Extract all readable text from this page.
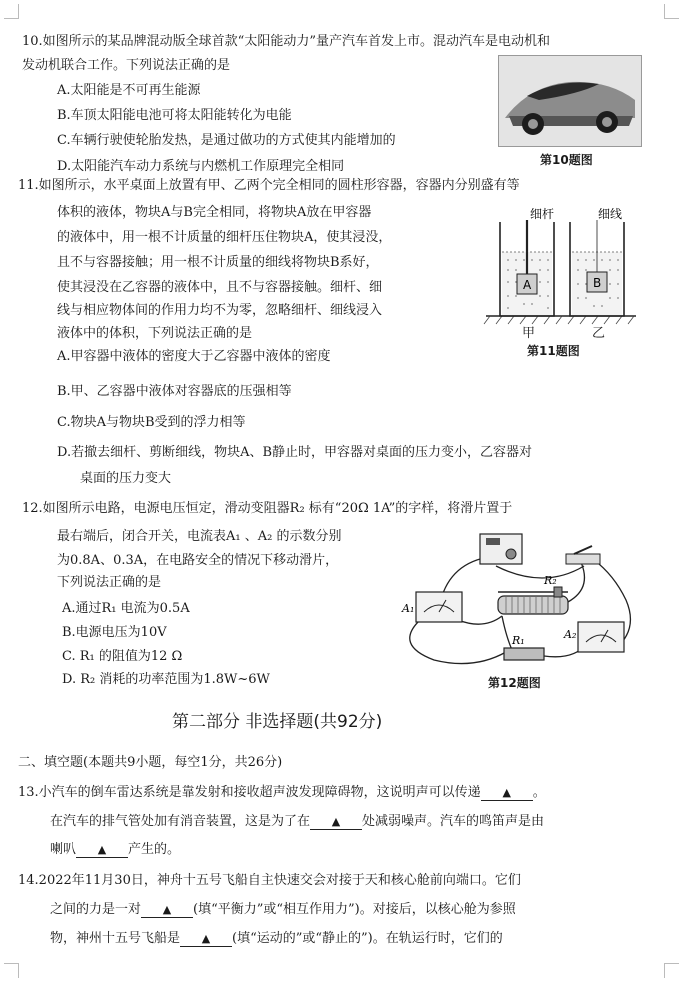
10.如图所示的某品牌混动版全球首款“太阳能动力”量产汽车首发上市。混动汽车是电动机和
发动机联合工作。下列说法正确的是
A.太阳能是不可再生能源
B.车顶太阳能电池可将太阳能转化为电能
C.车辆行驶使轮胎发热，是通过做功的方式使其内能增加的
D.太阳能汽车动力系统与内燃机工作原理完全相同	第10题图
11.如图所示，水平桌面上放置有甲、乙两个完全相同的圆柱形容器，容器内分别盛有等
体积的液体，物块A与B完全相同，将物块A放在甲容器
的液体中，用一根不计质量的细杆压住物块A，使其浸没，
且不与容器接触；用一根不计质量的细线将物块B系好，
使其浸没在乙容器的液体中，且不与容器接触。细杆、细
线与相应物体间的作用力均不为零，忽略细杆、细线浸入
液体中的体积，下列说法正确的是
A.甲容器中液体的密度大于乙容器中液体的密度
B.甲、乙容器中液体对容器底的压强相等
C.物块A与物块B受到的浮力相等
D.若撤去细杆、剪断细线，物块A、B静止时，甲容器对桌面的压力变小，乙容器对
桌面的压力变大
细杆	细线
A	B
甲	乙
第11题图
12.如图所示电路，电源电压恒定，滑动变阻器R₂ 标有“20Ω 1A”的字样，将滑片置于
最右端后，闭合开关，电流表A₁ 、A₂ 的示数分别
为0.8A、0.3A，在电路安全的情况下移动滑片，
下列说法正确的是
A.通过R₁ 电流为0.5A
B.电源电压为10V
C. R₁ 的阻值为12 Ω
D. R₂ 消耗的功率范围为1.8W~6W
A₁
A₂
R₁
R₂
第12题图
第二部分 非选择题(共92分)
二、填空题(本题共9小题，每空1分，共26分)
13.小汽车的倒车雷达系统是靠发射和接收超声波发现障碍物，这说明声可以传递 ▲ 。
在汽车的排气管处加有消音装置，这是为了在 ▲ 处减弱噪声。汽车的鸣笛声是由
喇叭 ▲ 产生的。
14.2022年11月30日，神舟十五号飞船自主快速交会对接于天和核心舱前向端口。它们
之间的力是一对 ▲ (填“平衡力”或“相互作用力”)。对接后，以核心舱为参照
物，神州十五号飞船是 ▲ (填“运动的”或“静止的”)。在轨运行时，它们的
